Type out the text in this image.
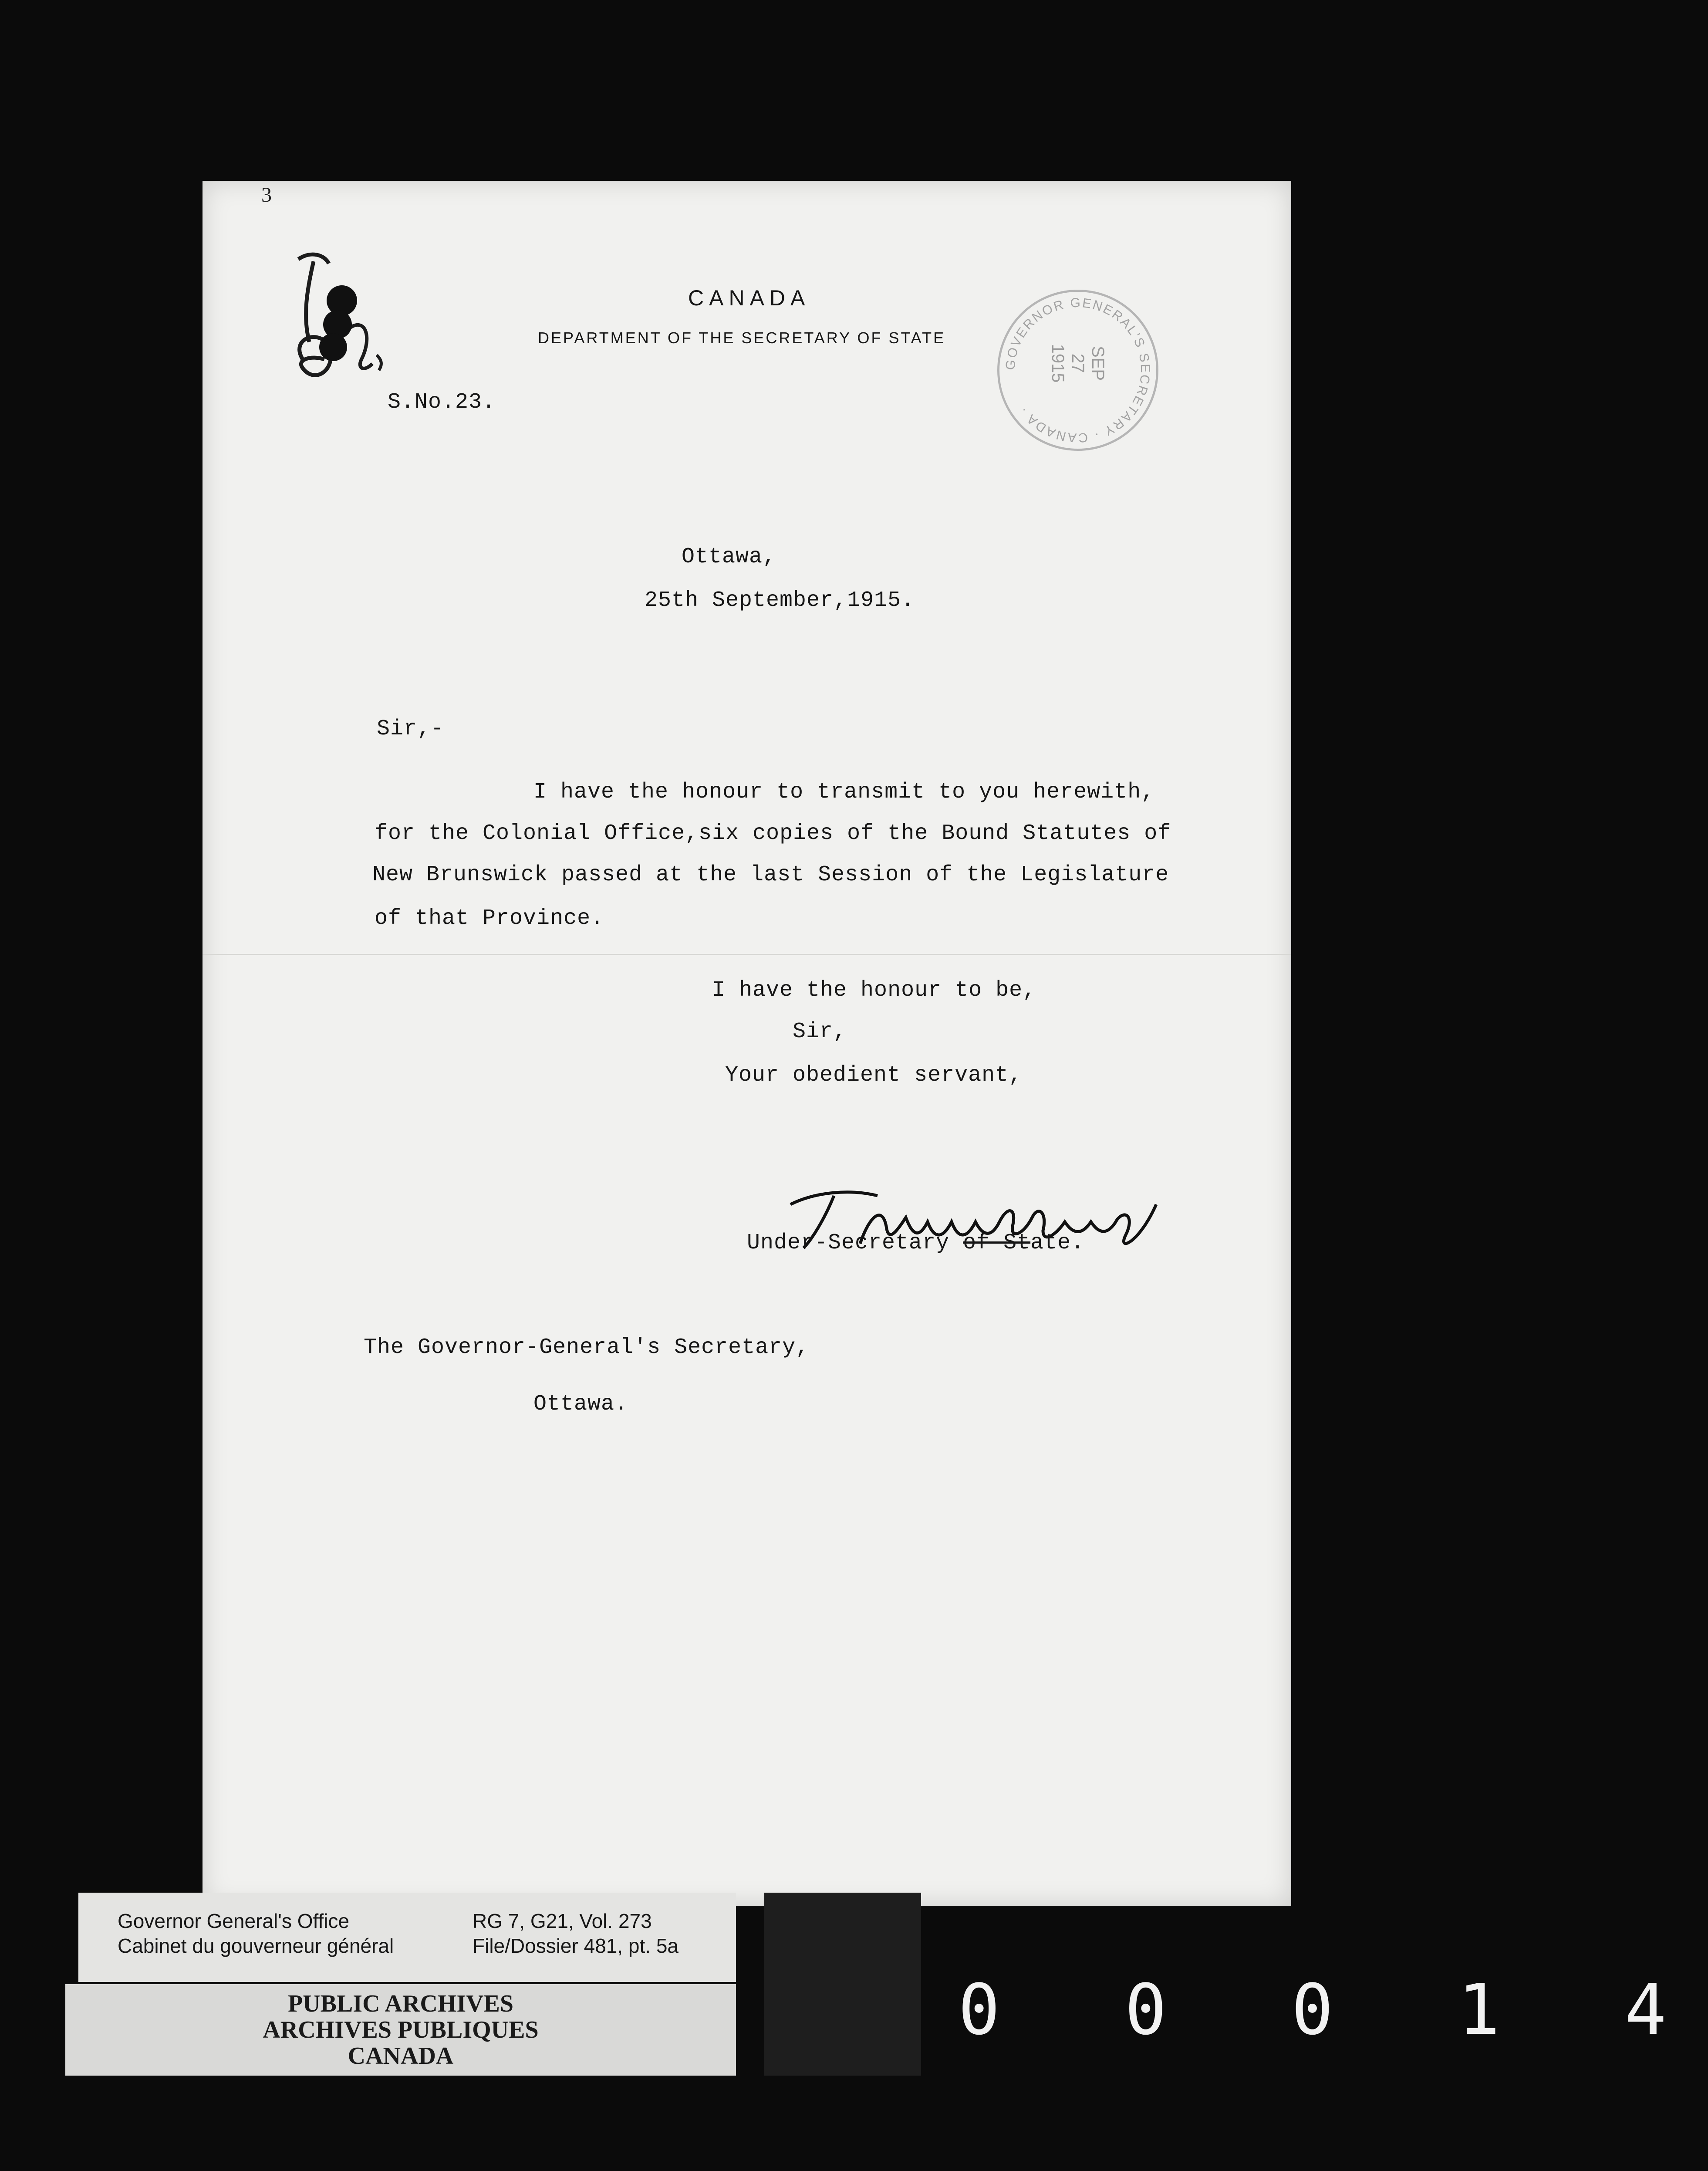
3
CANADA
DEPARTMENT OF THE SECRETARY OF STATE
GOVERNOR GENERAL'S SECRETARY · CANADA ·
SEP
27
1915
S.No.23.
Ottawa,
25th September,1915.
Sir,-
I have the honour to transmit to you herewith,
for the Colonial Office,six copies of the Bound Statutes of
New Brunswick passed at the last Session of the Legislature
of that Province.
I have the honour to be,
Sir,
Your obedient servant,
Under-Secretary of State.
The Governor-General's Secretary,
Ottawa.
Governor General's Office
Cabinet du gouverneur général
RG 7, G21, Vol. 273
File/Dossier 481, pt. 5a
PUBLIC ARCHIVES
ARCHIVES PUBLIQUES
CANADA
0 0 0 1 4
